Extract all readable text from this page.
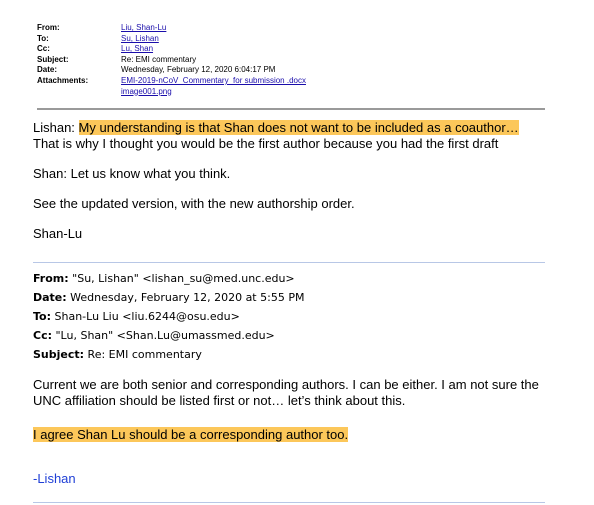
From:	Liu, Shan-Lu
To:	Su, Lishan
Cc:	Lu, Shan
Subject:	Re: EMI commentary
Date:	Wednesday, February 12, 2020 6:04:17 PM
Attachments:	EMI-2019-nCoV_Commentary_for submission .docx
image001.png

Lishan: My understanding is that Shan does not want to be included as a coauthor…

That is why I thought you would be the first author because you had the first draft

Shan: Let us know what you think.

See the updated version, with the new authorship order.

Shan-Lu

From: "Su, Lishan" <lishan_su@med.unc.edu>
Date: Wednesday, February 12, 2020 at 5:55 PM
To: Shan-Lu Liu <liu.6244@osu.edu>
Cc: "Lu, Shan" <Shan.Lu@umassmed.edu>
Subject: Re: EMI commentary

Current we are both senior and corresponding authors. I can be either. I am not sure the UNC affiliation should be listed first or not… let’s think about this.

I agree Shan Lu should be a corresponding author too.

-Lishan
